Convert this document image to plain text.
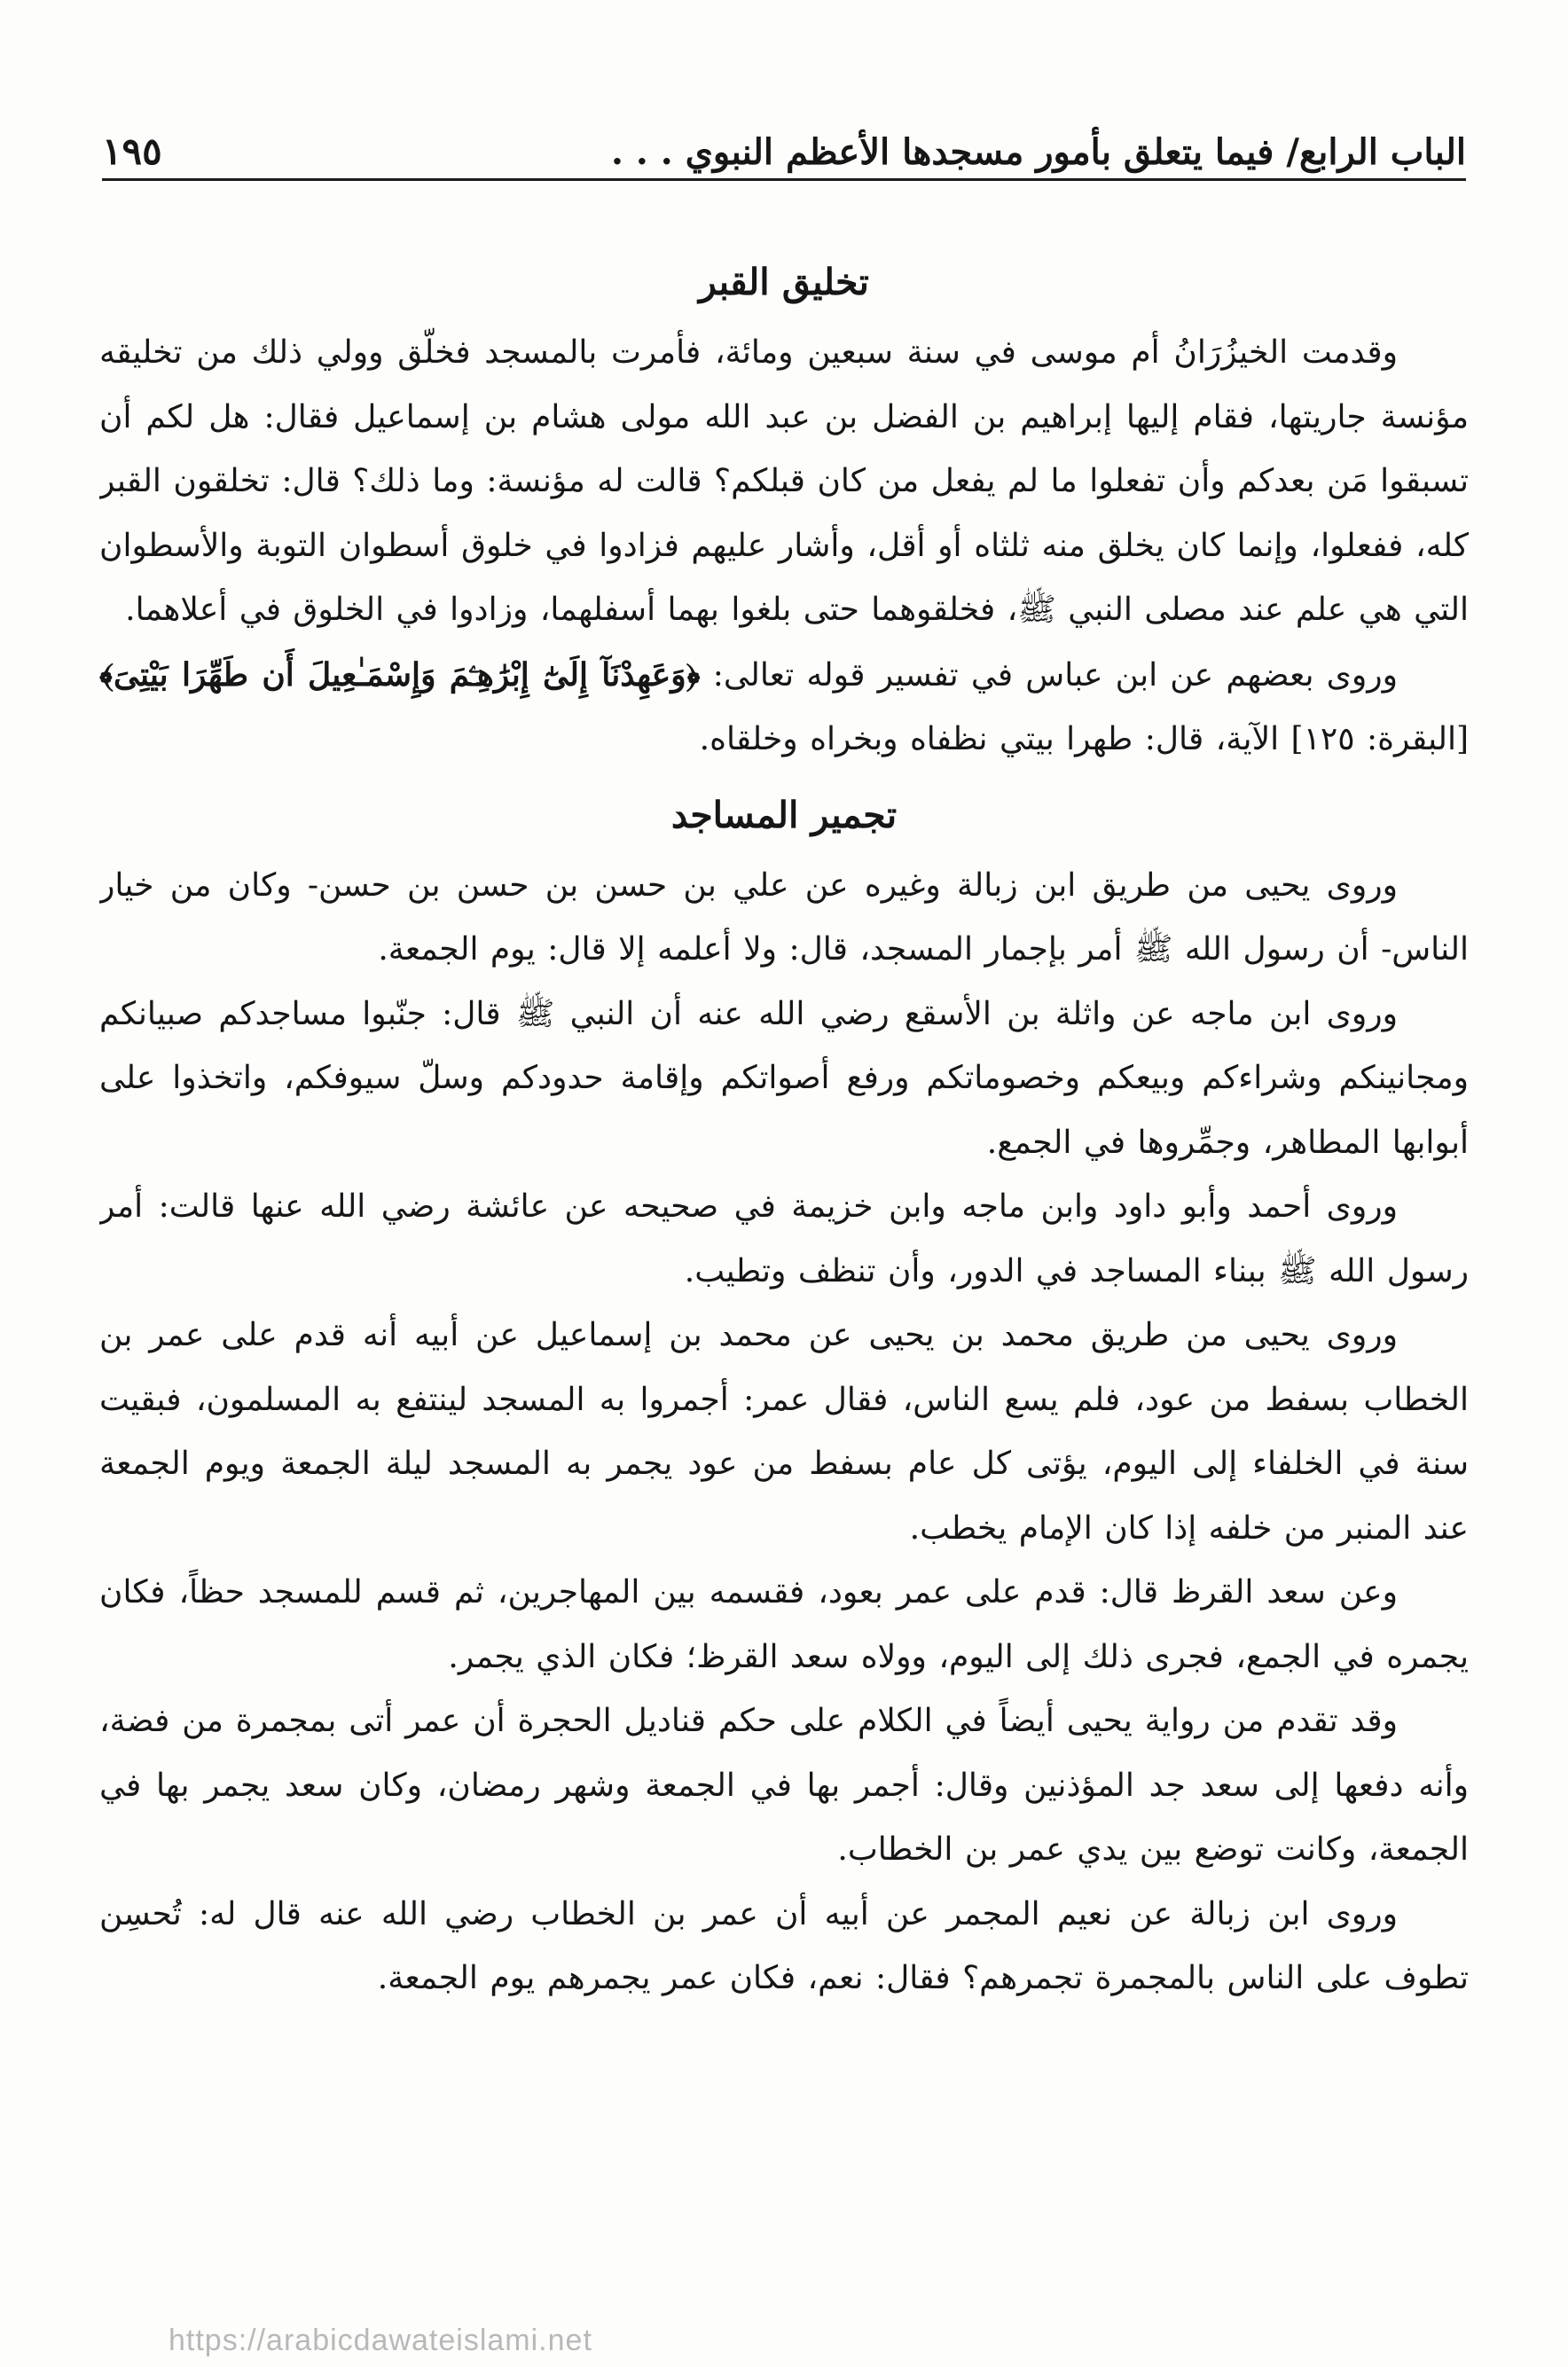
الباب الرابع/ فيما يتعلق بأمور مسجدها الأعظم النبوي . . .
١٩٥
تخليق القبر

وقدمت الخيزُرَانُ أم موسى في سنة سبعين ومائة، فأمرت بالمسجد فخلّق وولي ذلك من تخليقه مؤنسة جاريتها، فقام إليها إبراهيم بن الفضل بن عبد الله مولى هشام بن إسماعيل فقال: هل لكم أن تسبقوا مَن بعدكم وأن تفعلوا ما لم يفعل من كان قبلكم؟ قالت له مؤنسة: وما ذلك؟ قال: تخلقون القبر كله، ففعلوا، وإنما كان يخلق منه ثلثاه أو أقل، وأشار عليهم فزادوا في خلوق أسطوان التوبة والأسطوان التي هي علم عند مصلى النبي ﷺ، فخلقوهما حتى بلغوا بهما أسفلهما، وزادوا في الخلوق في أعلاهما.

وروى بعضهم عن ابن عباس في تفسير قوله تعالى: ﴿وَعَهِدْنَآ إِلَىٰٓ إِبْرَٰهِـۧمَ وَإِسْمَـٰعِيلَ أَن طَهِّرَا بَيْتِىَ﴾ [البقرة: ١٢٥] الآية، قال: طهرا بيتي نظفاه وبخراه وخلقاه.

تجمير المساجد

وروى يحيى من طريق ابن زبالة وغيره عن علي بن حسن بن حسن بن حسن- وكان من خيار الناس- أن رسول الله ﷺ أمر بإجمار المسجد، قال: ولا أعلمه إلا قال: يوم الجمعة.

وروى ابن ماجه عن واثلة بن الأسقع رضي الله عنه أن النبي ﷺ قال: جنّبوا مساجدكم صبيانكم ومجانينكم وشراءكم وبيعكم وخصوماتكم ورفع أصواتكم وإقامة حدودكم وسلّ سيوفكم، واتخذوا على أبوابها المطاهر، وجمِّروها في الجمع.

وروى أحمد وأبو داود وابن ماجه وابن خزيمة في صحيحه عن عائشة رضي الله عنها قالت: أمر رسول الله ﷺ ببناء المساجد في الدور، وأن تنظف وتطيب.

وروى يحيى من طريق محمد بن يحيى عن محمد بن إسماعيل عن أبيه أنه قدم على عمر بن الخطاب بسفط من عود، فلم يسع الناس، فقال عمر: أجمروا به المسجد لينتفع به المسلمون، فبقيت سنة في الخلفاء إلى اليوم، يؤتى كل عام بسفط من عود يجمر به المسجد ليلة الجمعة ويوم الجمعة عند المنبر من خلفه إذا كان الإمام يخطب.

وعن سعد القرظ قال: قدم على عمر بعود، فقسمه بين المهاجرين، ثم قسم للمسجد حظاً، فكان يجمره في الجمع، فجرى ذلك إلى اليوم، وولاه سعد القرظ؛ فكان الذي يجمر.

وقد تقدم من رواية يحيى أيضاً في الكلام على حكم قناديل الحجرة أن عمر أتى بمجمرة من فضة، وأنه دفعها إلى سعد جد المؤذنين وقال: أجمر بها في الجمعة وشهر رمضان، وكان سعد يجمر بها في الجمعة، وكانت توضع بين يدي عمر بن الخطاب.

وروى ابن زبالة عن نعيم المجمر عن أبيه أن عمر بن الخطاب رضي الله عنه قال له: تُحسِن تطوف على الناس بالمجمرة تجمرهم؟ فقال: نعم، فكان عمر يجمرهم يوم الجمعة.

https://arabicdawateislami.net
